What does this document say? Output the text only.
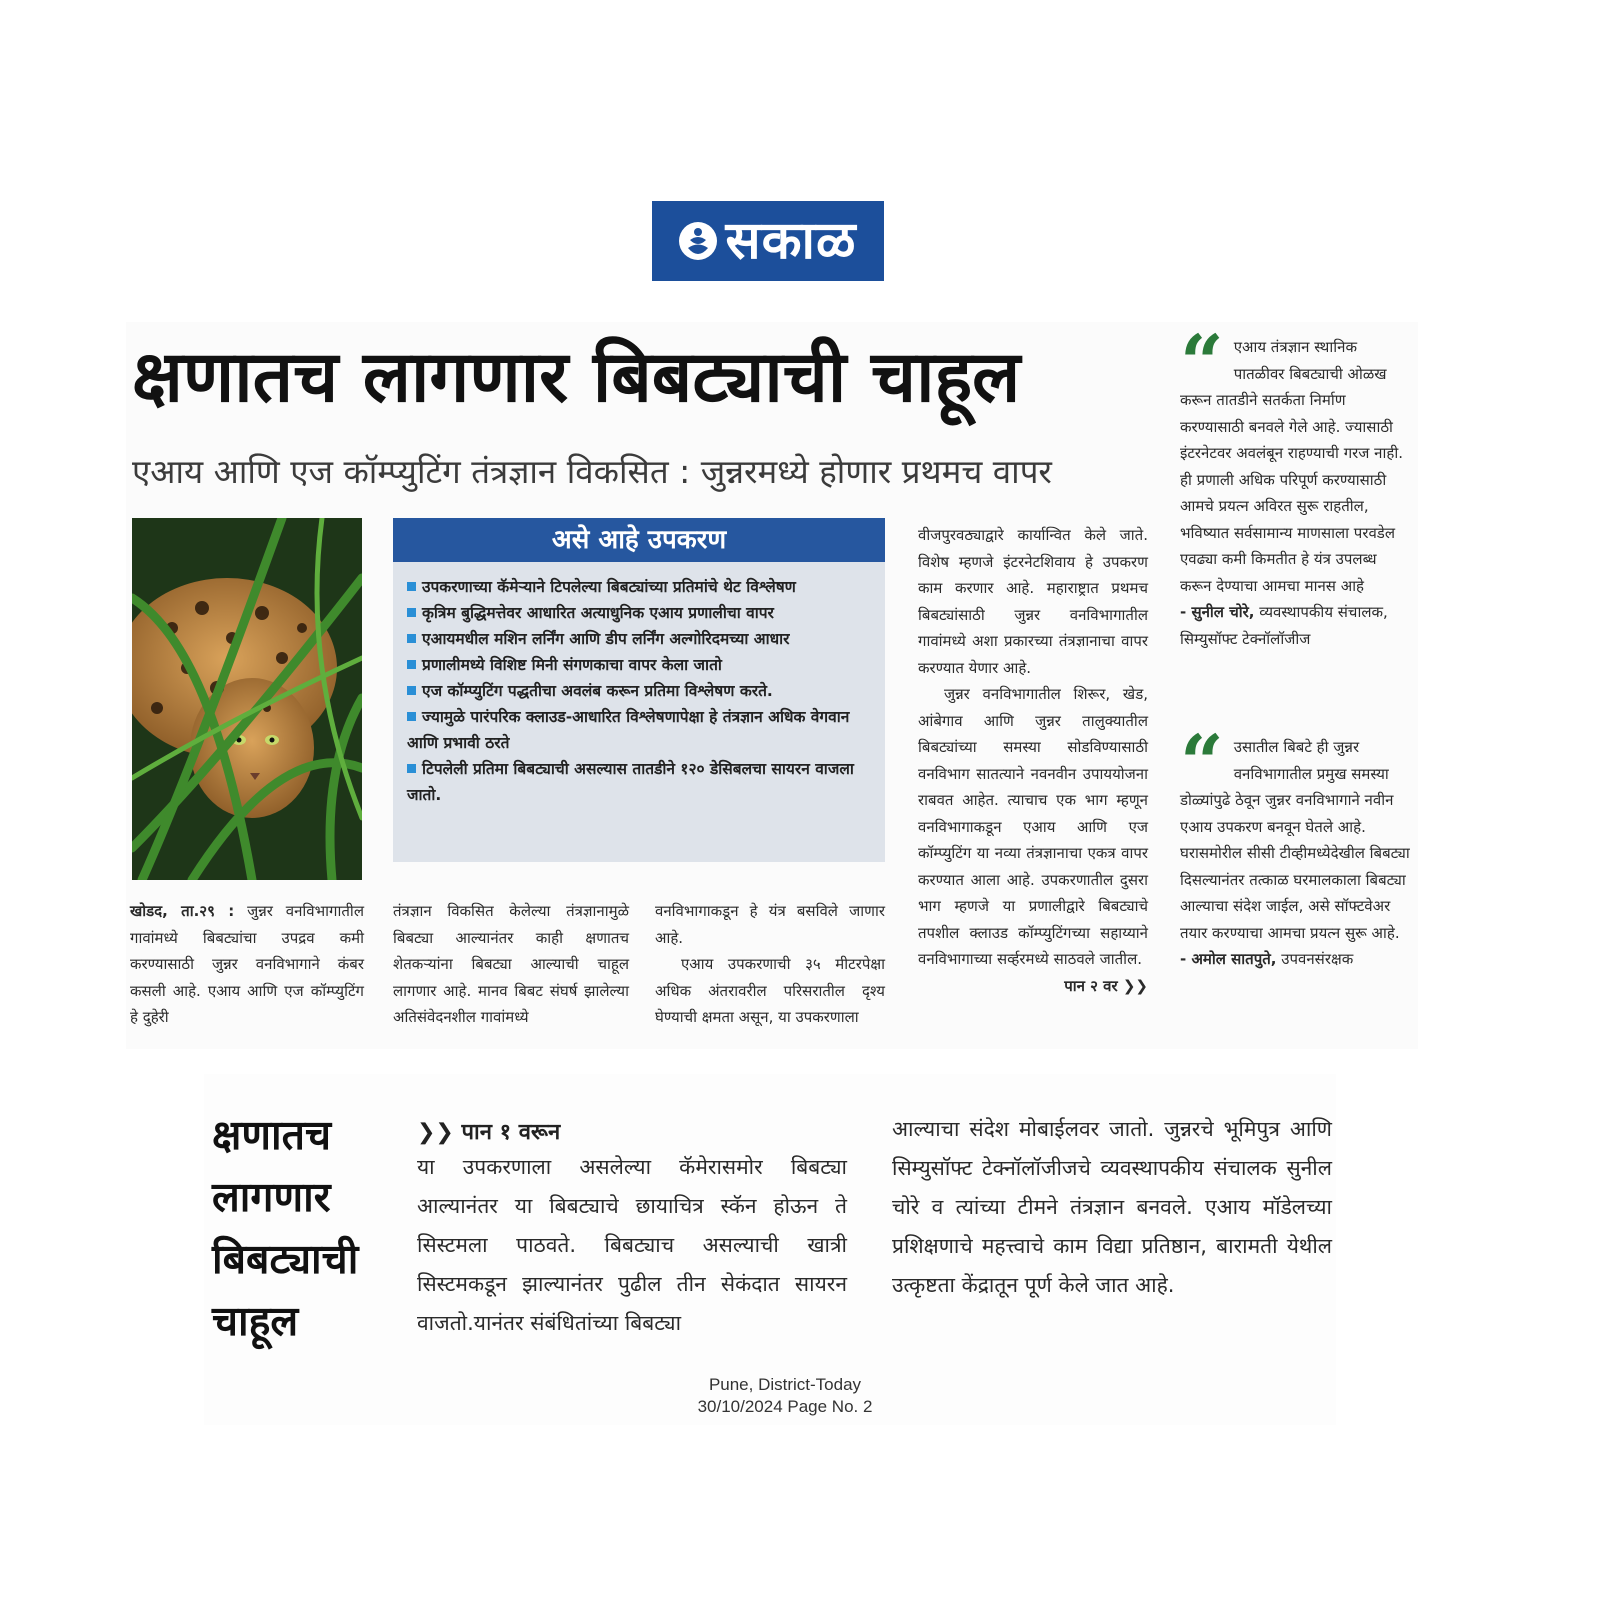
सकाळ
क्षणातच लागणार बिबट्याची चाहूल
एआय आणि एज कॉम्प्युटिंग तंत्रज्ञान विकसित : जुन्नरमध्ये होणार प्रथमच वापर
असे आहे उपकरण
उपकरणाच्या कॅमेऱ्याने टिपलेल्या बिबट्यांच्या प्रतिमांचे थेट विश्लेषण
कृत्रिम बुद्धिमत्तेवर आधारित अत्याधुनिक एआय प्रणालीचा वापर
एआयमधील मशिन लर्निंग आणि डीप लर्निंग अल्गोरिदमच्या आधार
प्रणालीमध्ये विशिष्ट मिनी संगणकाचा वापर केला जातो
एज कॉम्प्युटिंग पद्धतीचा अवलंब करून प्रतिमा विश्लेषण करते.
ज्यामुळे पारंपरिक क्लाउड-आधारित विश्लेषणापेक्षा हे तंत्रज्ञान अधिक वेगवान आणि प्रभावी ठरते
टिपलेली प्रतिमा बिबट्याची असल्यास तातडीने १२० डेसिबलचा सायरन वाजला जातो.

खोडद, ता.२९ : जुन्नर वनविभागातील गावांमध्ये बिबट्यांचा उपद्रव कमी करण्यासाठी जुन्नर वनविभागाने कंबर कसली आहे. एआय आणि एज कॉम्प्युटिंग हे दुहेरी

तंत्रज्ञान विकसित केलेल्या तंत्रज्ञानामुळे बिबट्या आल्यानंतर काही क्षणातच शेतकऱ्यांना बिबट्या आल्याची चाहूल लागणार आहे. मानव बिबट संघर्ष झालेल्या अतिसंवेदनशील गावांमध्ये

वनविभागाकडून हे यंत्र बसविले जाणार आहे.

एआय उपकरणाची ३५ मीटरपेक्षा अधिक अंतरावरील परिसरातील दृश्य घेण्याची क्षमता असून, या उपकरणाला

वीजपुरवठ्याद्वारे कार्यान्वित केले जाते. विशेष म्हणजे इंटरनेटशिवाय हे उपकरण काम करणार आहे. महाराष्ट्रात प्रथमच बिबट्यांसाठी जुन्नर वनविभागातील गावांमध्ये अशा प्रकारच्या तंत्रज्ञानाचा वापर करण्यात येणार आहे.

जुन्नर वनविभागातील शिरूर, खेड, आंबेगाव आणि जुन्नर तालुक्यातील बिबट्यांच्या समस्या सोडविण्यासाठी वनविभाग सातत्याने नवनवीन उपाययोजना राबवत आहेत. त्याचाच एक भाग म्हणून वनविभागाकडून एआय आणि एज कॉम्प्युटिंग या नव्या तंत्रज्ञानाचा एकत्र वापर करण्यात आला आहे. उपकरणातील दुसरा भाग म्हणजे या प्रणालीद्वारे बिबट्याचे तपशील क्लाउड कॉम्प्युटिंगच्या सहाय्याने वनविभागाच्या सर्व्हरमध्ये साठवले जातील.
पान २ वर ❯❯

“ एआय तंत्रज्ञान स्थानिक पातळीवर बिबट्याची ओळख करून तातडीने सतर्कता निर्माण करण्यासाठी बनवले गेले आहे. ज्यासाठी इंटरनेटवर अवलंबून राहण्याची गरज नाही. ही प्रणाली अधिक परिपूर्ण करण्यासाठी आमचे प्रयत्न अविरत सुरू राहतील, भविष्यात सर्वसामान्य माणसाला परवडेल एवढ्या कमी किमतीत हे यंत्र उपलब्ध करून देण्याचा आमचा मानस आहे

- सुनील चोरे, व्यवस्थापकीय संचालक, सिम्युसॉफ्ट टेक्नॉलॉजीज

“ उसातील बिबटे ही जुन्नर वनविभागातील प्रमुख समस्या डोळ्यांपुढे ठेवून जुन्नर वनविभागाने नवीन एआय उपकरण बनवून घेतले आहे. घरासमोरील सीसी टीव्हीमध्येदेखील बिबट्या दिसल्यानंतर तत्काळ घरमालकाला बिबट्या आल्याचा संदेश जाईल, असे सॉफ्टवेअर तयार करण्याचा आमचा प्रयत्न सुरू आहे.

- अमोल सातपुते, उपवनसंरक्षक

क्षणातच लागणार बिबट्याची चाहूल
❯❯ पान १ वरून

या उपकरणाला असलेल्या कॅमेरासमोर बिबट्या आल्यानंतर या बिबट्याचे छायाचित्र स्कॅन होऊन ते सिस्टमला पाठवते. बिबट्याच असल्याची खात्री सिस्टमकडून झाल्यानंतर पुढील तीन सेकंदात सायरन वाजतो.यानंतर संबंधितांच्या बिबट्या

आल्याचा संदेश मोबाईलवर जातो. जुन्नरचे भूमिपुत्र आणि सिम्युसॉफ्ट टेक्नॉलॉजीजचे व्यवस्थापकीय संचालक सुनील चोरे व त्यांच्या टीमने तंत्रज्ञान बनवले. एआय मॉडेलच्या प्रशिक्षणाचे महत्त्वाचे काम विद्या प्रतिष्ठान, बारामती येथील उत्कृष्टता केंद्रातून पूर्ण केले जात आहे.

Pune, District-Today
30/10/2024 Page No. 2
